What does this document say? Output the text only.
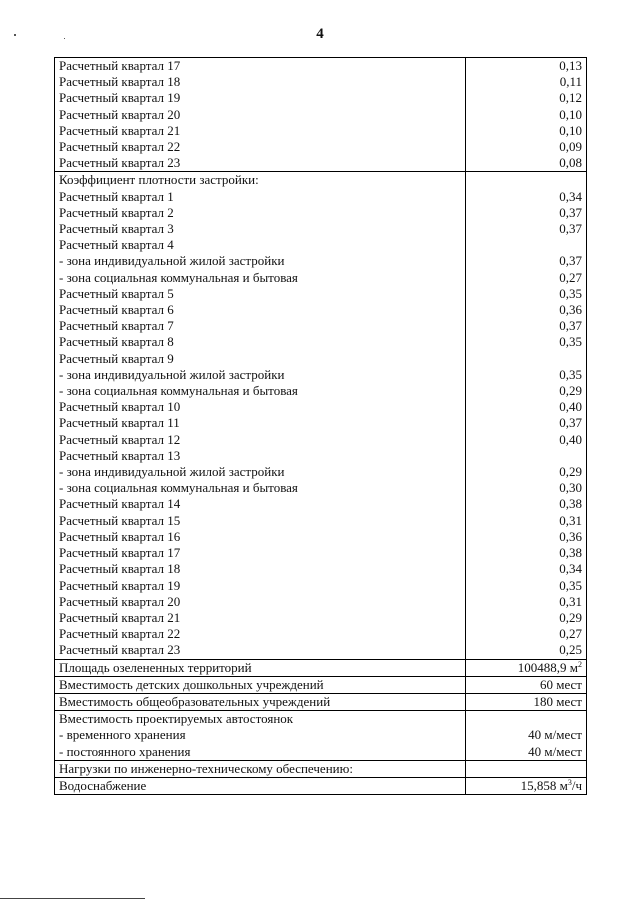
4
Расчетный квартал 17	0,13
Расчетный квартал 18	0,11
Расчетный квартал 19	0,12
Расчетный квартал 20	0,10
Расчетный квартал 21	0,10
Расчетный квартал 22	0,09
Расчетный квартал 23	0,08
Коэффициент плотности застройки:	
Расчетный квартал 1	0,34
Расчетный квартал 2	0,37
Расчетный квартал 3	0,37
Расчетный квартал 4	
- зона индивидуальной жилой застройки	0,37
- зона социальная коммунальная и бытовая	0,27
Расчетный квартал 5	0,35
Расчетный квартал 6	0,36
Расчетный квартал 7	0,37
Расчетный квартал 8	0,35
Расчетный квартал 9	
- зона индивидуальной жилой застройки	0,35
- зона социальная коммунальная и бытовая	0,29
Расчетный квартал 10	0,40
Расчетный квартал 11	0,37
Расчетный квартал 12	0,40
Расчетный квартал 13	
- зона индивидуальной жилой застройки	0,29
- зона социальная коммунальная и бытовая	0,30
Расчетный квартал 14	0,38
Расчетный квартал 15	0,31
Расчетный квартал 16	0,36
Расчетный квартал 17	0,38
Расчетный квартал 18	0,34
Расчетный квартал 19	0,35
Расчетный квартал 20	0,31
Расчетный квартал 21	0,29
Расчетный квартал 22	0,27
Расчетный квартал 23	0,25
Площадь озелененных территорий	100488,9 $м^2$
Вместимость детских дошкольных учреждений	60 мест
Вместимость общеобразовательных учреждений	180 мест
Вместимость проектируемых автостоянок	
- временного хранения	40 м/мест
- постоянного хранения	40 м/мест
Нагрузки по инженерно-техническому обеспечению:	
Водоснабжение	15,858 $м^3/ч$
